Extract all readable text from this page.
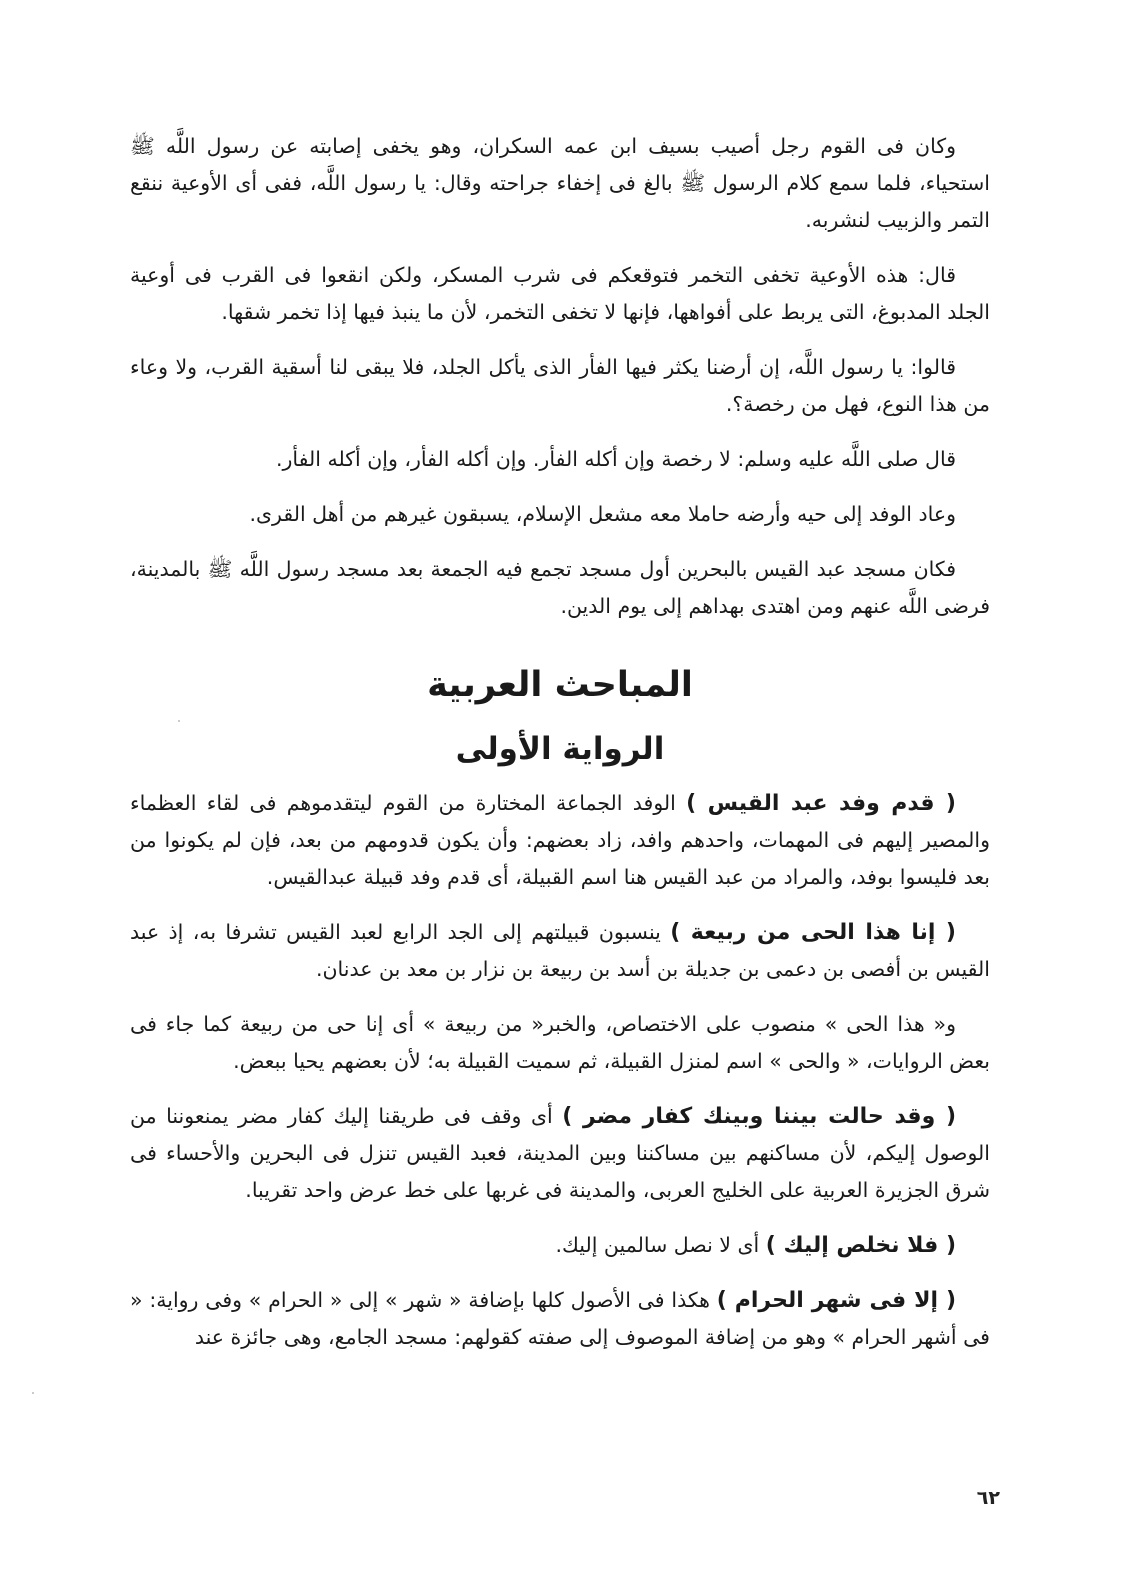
وكان فى القوم رجل أصيب بسيف ابن عمه السكران، وهو يخفى إصابته عن رسول اللَّه ﷺ استحياء، فلما سمع كلام الرسول ﷺ بالغ فى إخفاء جراحته وقال: يا رسول اللَّه، ففى أى الأوعية ننقع التمر والزبيب لنشربه.

قال: هذه الأوعية تخفى التخمر فتوقعكم فى شرب المسكر، ولكن انقعوا فى القرب فى أوعية الجلد المدبوغ، التى يربط على أفواهها، فإنها لا تخفى التخمر، لأن ما ينبذ فيها إذا تخمر شقها.

قالوا: يا رسول اللَّه، إن أرضنا يكثر فيها الفأر الذى يأكل الجلد، فلا يبقى لنا أسقية القرب، ولا وعاء من هذا النوع، فهل من رخصة؟.

قال صلى اللَّه عليه وسلم: لا رخصة وإن أكله الفأر. وإن أكله الفأر، وإن أكله الفأر.

وعاد الوفد إلى حيه وأرضه حاملا معه مشعل الإسلام، يسبقون غيرهم من أهل القرى.

فكان مسجد عبد القيس بالبحرين أول مسجد تجمع فيه الجمعة بعد مسجد رسول اللَّه ﷺ بالمدينة، فرضى اللَّه عنهم ومن اهتدى بهداهم إلى يوم الدين.

المباحث العربية
الرواية الأولى

( قدم وفد عبد القيس ) الوفد الجماعة المختارة من القوم ليتقدموهم فى لقاء العظماء والمصير إليهم فى المهمات، واحدهم وافد، زاد بعضهم: وأن يكون قدومهم من بعد، فإن لم يكونوا من بعد فليسوا بوفد، والمراد من عبد القيس هنا اسم القبيلة، أى قدم وفد قبيلة عبدالقيس.

( إنا هذا الحى من ربيعة ) ينسبون قبيلتهم إلى الجد الرابع لعبد القيس تشرفا به، إذ عبد القيس بن أفصى بن دعمى بن جديلة بن أسد بن ربيعة بن نزار بن معد بن عدنان.

و« هذا الحى » منصوب على الاختصاص، والخبر« من ربيعة » أى إنا حى من ربيعة كما جاء فى بعض الروايات، « والحى » اسم لمنزل القبيلة، ثم سميت القبيلة به؛ لأن بعضهم يحيا ببعض.

( وقد حالت بيننا وبينك كفار مضر ) أى وقف فى طريقنا إليك كفار مضر يمنعوننا من الوصول إليكم، لأن مساكنهم بين مساكننا وبين المدينة، فعبد القيس تنزل فى البحرين والأحساء فى شرق الجزيرة العربية على الخليج العربى، والمدينة فى غربها على خط عرض واحد تقريبا.

( فلا نخلص إليك ) أى لا نصل سالمين إليك.

( إلا فى شهر الحرام ) هكذا فى الأصول كلها بإضافة « شهر » إلى « الحرام » وفى رواية: « فى أشهر الحرام » وهو من إضافة الموصوف إلى صفته كقولهم: مسجد الجامع، وهى جائزة عند

٦٢
